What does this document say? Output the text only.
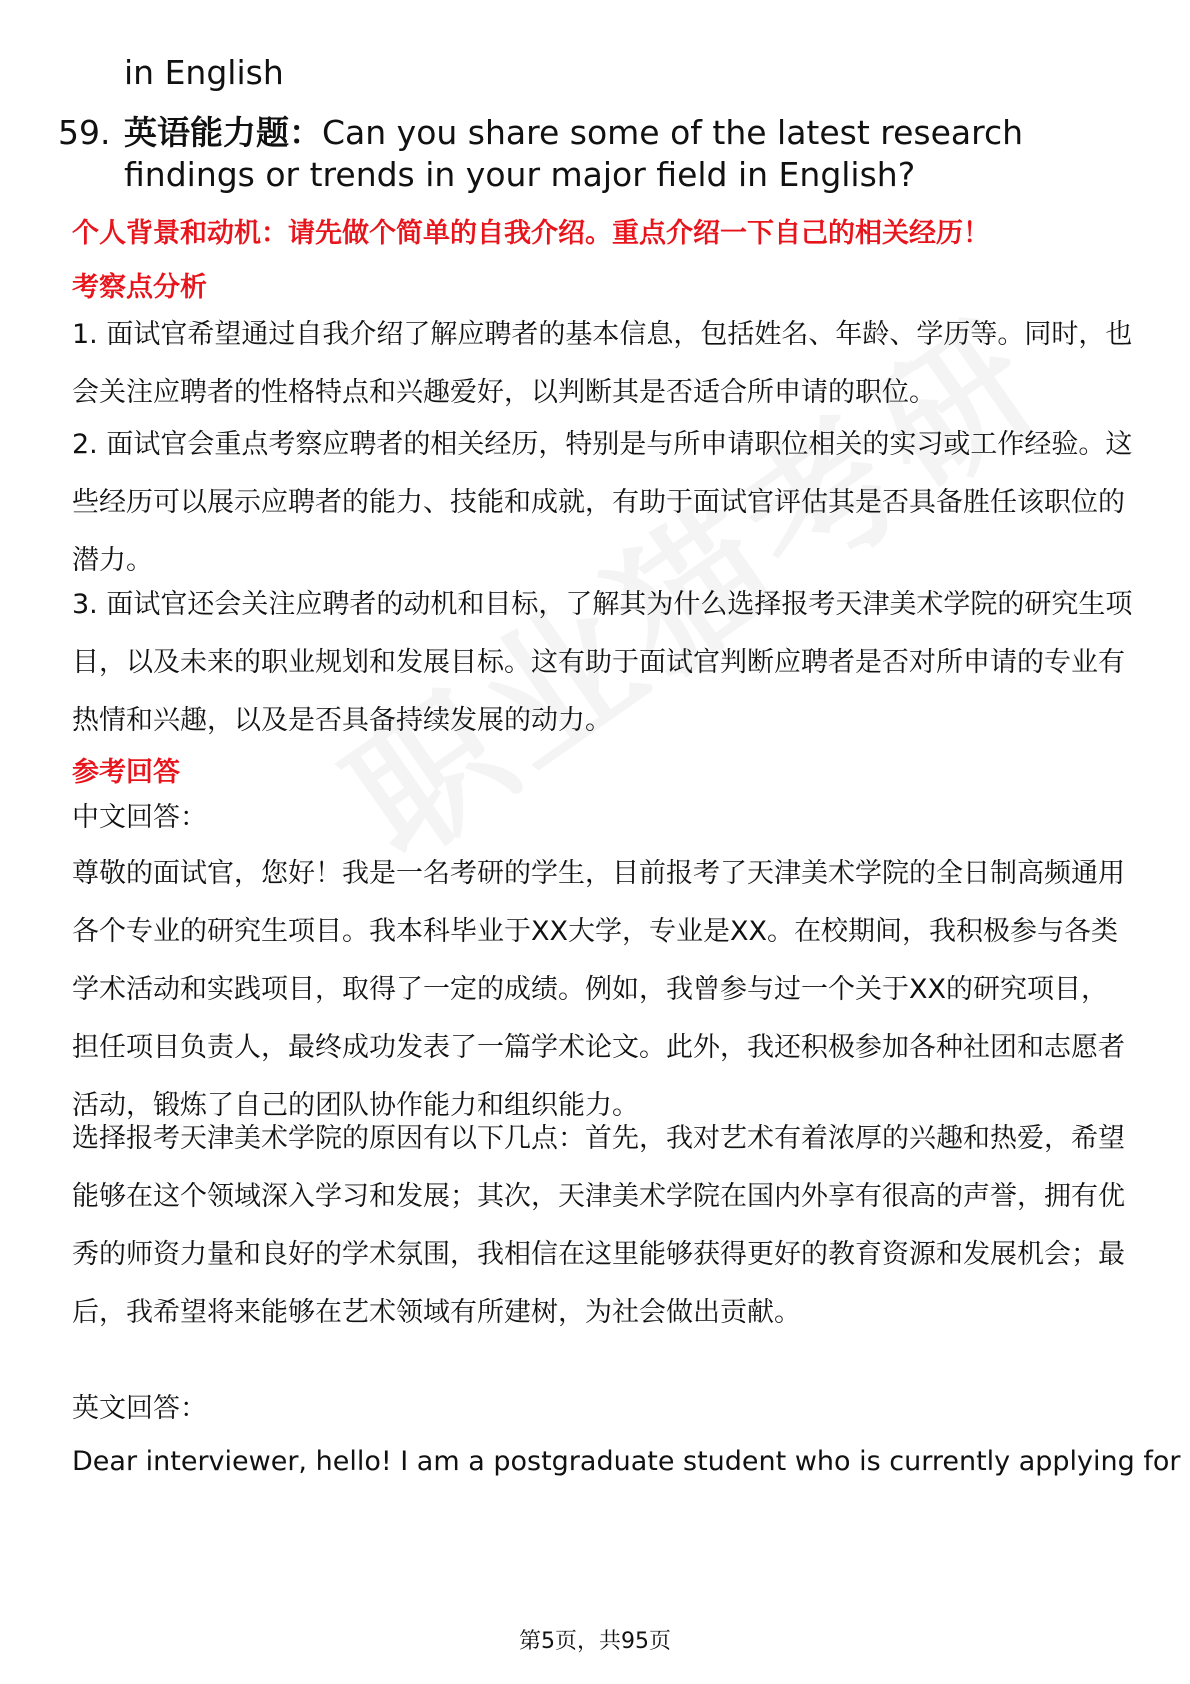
in English

59. 英语能力题：Can you share some of the latest research findings or trends in your major field in English?

个人背景和动机：请先做个简单的自我介绍。重点介绍一下自己的相关经历！

考察点分析

1. 面试官希望通过自我介绍了解应聘者的基本信息，包括姓名、年龄、学历等。同时，也会关注应聘者的性格特点和兴趣爱好，以判断其是否适合所申请的职位。

2. 面试官会重点考察应聘者的相关经历，特别是与所申请职位相关的实习或工作经验。这些经历可以展示应聘者的能力、技能和成就，有助于面试官评估其是否具备胜任该职位的潜力。

3. 面试官还会关注应聘者的动机和目标，了解其为什么选择报考天津美术学院的研究生项目，以及未来的职业规划和发展目标。这有助于面试官判断应聘者是否对所申请的专业有热情和兴趣，以及是否具备持续发展的动力。

参考回答

中文回答：

尊敬的面试官，您好！我是一名考研的学生，目前报考了天津美术学院的全日制高频通用各个专业的研究生项目。我本科毕业于XX大学，专业是XX。在校期间，我积极参与各类学术活动和实践项目，取得了一定的成绩。例如，我曾参与过一个关于XX的研究项目，担任项目负责人，最终成功发表了一篇学术论文。此外，我还积极参加各种社团和志愿者活动，锻炼了自己的团队协作能力和组织能力。

选择报考天津美术学院的原因有以下几点：首先，我对艺术有着浓厚的兴趣和热爱，希望能够在这个领域深入学习和发展；其次，天津美术学院在国内外享有很高的声誉，拥有优秀的师资力量和良好的学术氛围，我相信在这里能够获得更好的教育资源和发展机会；最后，我希望将来能够在艺术领域有所建树，为社会做出贡献。

英文回答：

Dear interviewer, hello! I am a postgraduate student who is currently applying for

第5页，共95页
